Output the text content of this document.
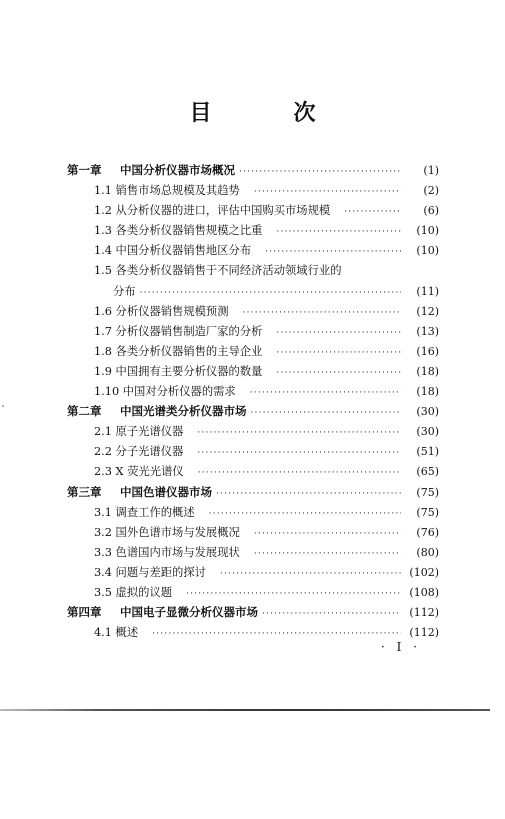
目　次
第一章 中国分析仪器市场概况 ·····	(1)
1.1 销售市场总规模及其趋势 ·····	(2)
1.2 从分析仪器的进口，评估中国购买市场规模 ·····	(6)
1.3 各类分析仪器销售规模之比重 ·····	(10)
1.4 中国分析仪器销售地区分布 ·····	(10)
1.5 各类分析仪器销售于不同经济活动领域行业的
分布 ·····	(11)
1.6 分析仪器销售规模预测 ·····	(12)
1.7 分析仪器销售制造厂家的分析 ·····	(13)
1.8 各类分析仪器销售的主导企业 ·····	(16)
1.9 中国拥有主要分析仪器的数量 ·····	(18)
1.10 中国对分析仪器的需求 ·····	(18)
第二章 中国光谱类分析仪器市场 ·····	(30)
2.1 原子光谱仪器 ·····	(30)
2.2 分子光谱仪器 ·····	(51)
2.3 X 荧光光谱仪 ·····	(65)
第三章 中国色谱仪器市场 ·····	(75)
3.1 调查工作的概述 ·····	(75)
3.2 国外色谱市场与发展概况 ·····	(76)
3.3 色谱国内市场与发展现状 ·····	(80)
3.4 问题与差距的探讨 ·····	(102)
3.5 虚拟的议题 ·····	(108)
第四章 中国电子显微分析仪器市场 ·····	(112)
4.1 概述 ·····	(112)
· I ·
